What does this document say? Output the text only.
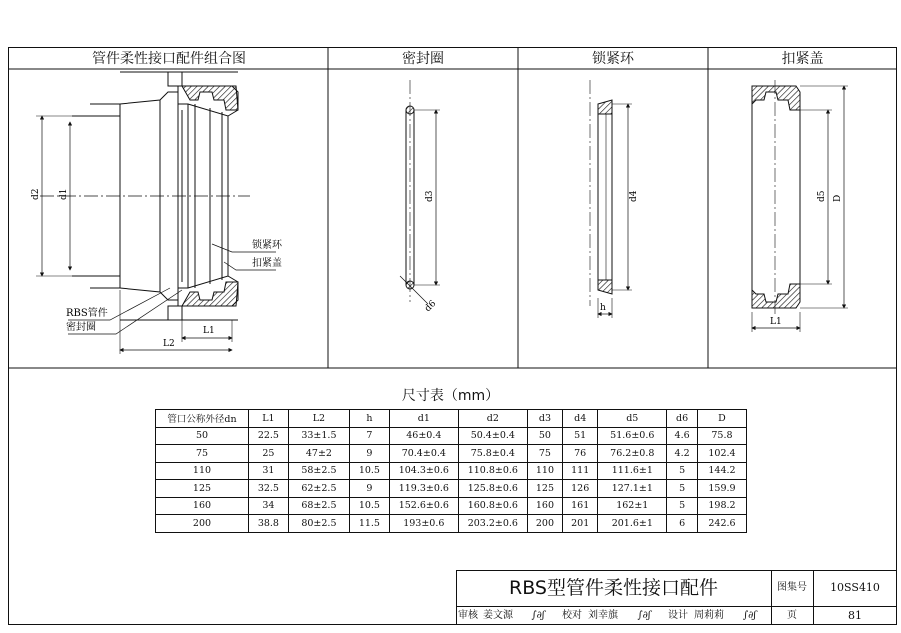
管件柔性接口配件组合图	密封圈	锁紧环	扣紧盖
d2 d1
L1
L2
锁紧环
扣紧盖
RBS管件
密封圈
d3
d6
d4
h
d5 D
L1
尺寸表（mm）
管口公称外径dn	L1	L2	h	d1	d2	d3	d4	d5	d6	D
50	22.5	33±1.5	7	46±0.4	50.4±0.4	50	51	51.6±0.6	4.6	75.8
75	25	47±2	9	70.4±0.4	75.8±0.4	75	76	76.2±0.8	4.2	102.4
110	31	58±2.5	10.5	104.3±0.6	110.8±0.6	110	111	111.6±1	5	144.2
125	32.5	62±2.5	9	119.3±0.6	125.8±0.6	125	126	127.1±1	5	159.9
160	34	68±2.5	10.5	152.6±0.6	160.8±0.6	160	161	162±1	5	198.2
200	38.8	80±2.5	11.5	193±0.6	203.2±0.6	200	201	201.6±1	6	242.6
RBS型管件柔性接口配件	图集号	10SS410
页	81
审核 姜文源	∫∂ʃ	校对 刘幸旗	∫∂ʃ	设计 周莉莉	∫∂ʃ
